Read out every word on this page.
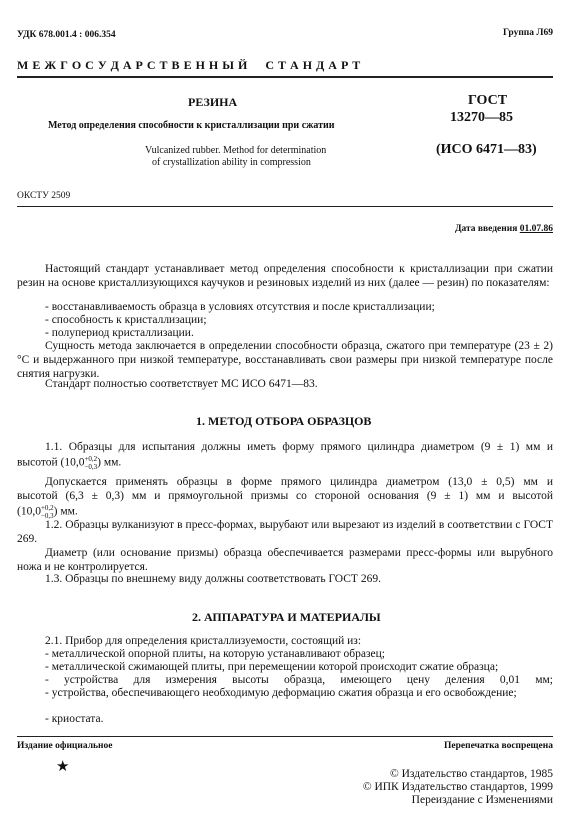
УДК 678.001.4 : 006.354	Группа Л69
М Е Ж Г О С У Д А Р С Т В Е Н Н Ы Й     С Т А Н Д А Р Т
РЕЗИНА
Метод определения способности к кристаллизации при сжатии
Vulcanized rubber. Method for determination
of crystallization ability in compression
ГОСТ
13270—85
(ИСО 6471—83)
ОКСТУ 2509
Дата введения 01.07.86
Настоящий стандарт устанавливает метод определения способности к кристаллизации при сжатии резин на основе кристаллизующихся каучуков и резиновых изделий из них (далее — резин) по показателям:
- восстанавливаемость образца в условиях отсутствия и после кристаллизации;
- способность к кристаллизации;
- полупериод кристаллизации.
Сущность метода заключается в определении способности образца, сжатого при температуре (23 ± 2) °С и выдержанного при низкой температуре, восстанавливать свои размеры при низкой температуре после снятия нагрузки.
Стандарт полностью соответствует МС ИСО 6471—83.
1. МЕТОД ОТБОРА ОБРАЗЦОВ
1.1. Образцы для испытания должны иметь форму прямого цилиндра диаметром (9 ± 1) мм и
высотой (10,0+0,2
−0,3) мм.
Допускается применять образцы в форме прямого цилиндра диаметром (13,0 ± 0,5) мм и
высотой (6,3 ± 0,3) мм и прямоугольной призмы со стороной основания (9 ± 1) мм и высотой
(10,0+0,2
−0,3) мм.
1.2. Образцы вулканизуют в пресс-формах, вырубают или вырезают из изделий в соответствии с ГОСТ 269.
Диаметр (или основание призмы) образца обеспечивается размерами пресс-формы или вырубного ножа и не контролируется.
1.3. Образцы по внешнему виду должны соответствовать ГОСТ 269.
2. АППАРАТУРА И МАТЕРИАЛЫ
2.1. Прибор для определения кристаллизуемости, состоящий из:
- металлической опорной плиты, на которую устанавливают образец;
- металлической сжимающей плиты, при перемещении которой происходит сжатие образца;
- устройства для измерения высоты образца, имеющего цену деления 0,01 мм;
- устройства, обеспечивающего необходимую деформацию сжатия образца и его освобождение;
- криостата.
Издание официальное	Перепечатка воспрещена
★	© Издательство стандартов, 1985
© ИПК Издательство стандартов, 1999
Переиздание с Изменениями
